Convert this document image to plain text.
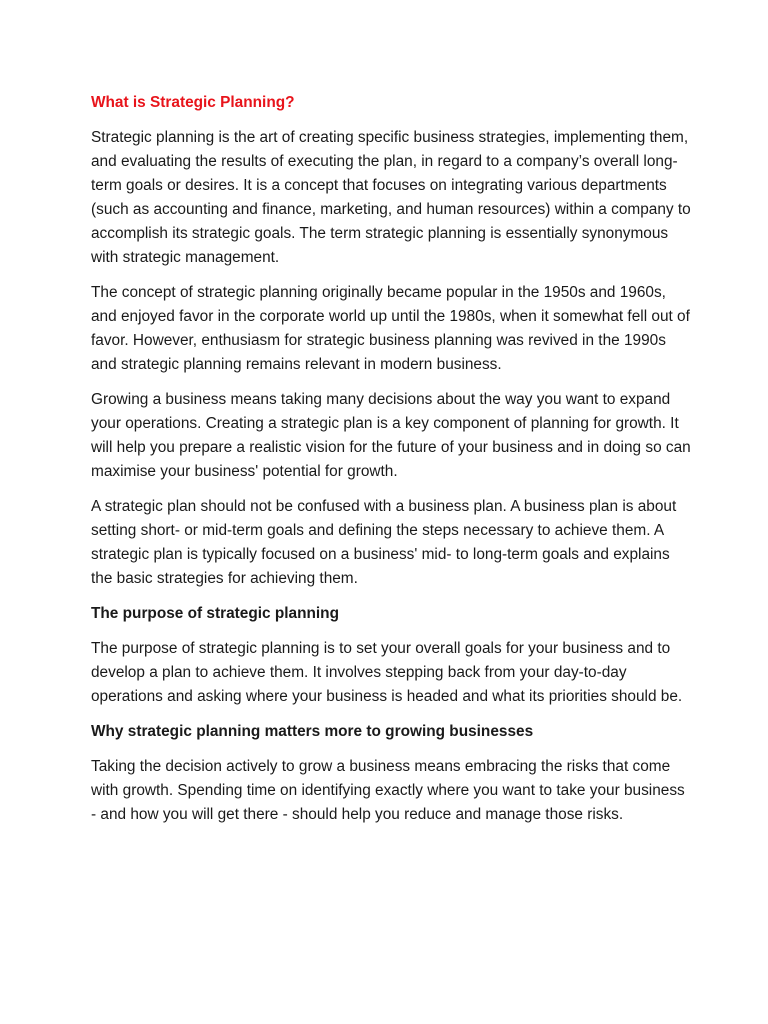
What is Strategic Planning?

Strategic planning is the art of creating specific business strategies, implementing them, and evaluating the results of executing the plan, in regard to a company’s overall long-term goals or desires. It is a concept that focuses on integrating various departments (such as accounting and finance, marketing, and human resources) within a company to accomplish its strategic goals. The term strategic planning is essentially synonymous with strategic management.

The concept of strategic planning originally became popular in the 1950s and 1960s, and enjoyed favor in the corporate world up until the 1980s, when it somewhat fell out of favor. However, enthusiasm for strategic business planning was revived in the 1990s and strategic planning remains relevant in modern business.

Growing a business means taking many decisions about the way you want to expand your operations. Creating a strategic plan is a key component of planning for growth. It will help you prepare a realistic vision for the future of your business and in doing so can maximise your business' potential for growth.

A strategic plan should not be confused with a business plan. A business plan is about setting short- or mid-term goals and defining the steps necessary to achieve them. A strategic plan is typically focused on a business' mid- to long-term goals and explains the basic strategies for achieving them.

The purpose of strategic planning

The purpose of strategic planning is to set your overall goals for your business and to develop a plan to achieve them. It involves stepping back from your day-to-day operations and asking where your business is headed and what its priorities should be.

Why strategic planning matters more to growing businesses

Taking the decision actively to grow a business means embracing the risks that come with growth. Spending time on identifying exactly where you want to take your business - and how you will get there - should help you reduce and manage those risks.
